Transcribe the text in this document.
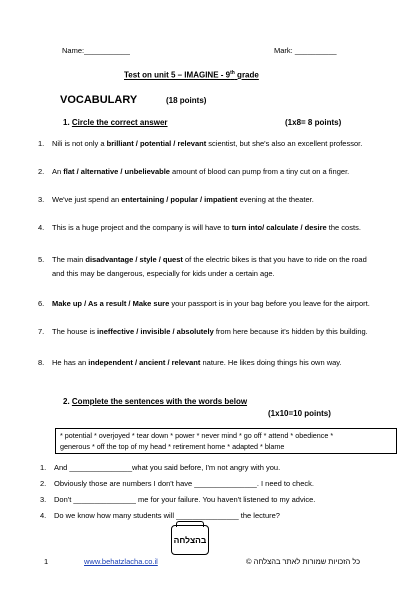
Name:___________	Mark: __________
Test on unit 5 – IMAGINE - 9th grade
VOCABULARY	(18 points)
1. Circle the correct answer	(1x8= 8 points)
1. Nili is not only a brilliant / potential / relevant scientist, but she's also an excellent professor.
2. An flat / alternative / unbelievable amount of blood can pump from a tiny cut on a finger.
3. We've just spend an entertaining / popular / impatient evening at the theater.
4. This is a huge project and the company is will have to turn into/ calculate / desire the costs.
5. The main disadvantage / style / quest of the electric bikes is that you have to ride on the road and this may be dangerous, especially for kids under a certain age.
6. Make up / As a result / Make sure your passport is in your bag before you leave for the airport.
7. The house is ineffective / invisible / absolutely from here because it's hidden by this building.
8. He has an independent / ancient / relevant nature. He likes doing things his own way.
2. Complete the sentences with the words below
(1x10=10 points)
* potential * overjoyed * tear down * power * never mind * go off * attend * obedience *
generous * off the top of my head * retirement home * adapted * blame
1. And _______________what you said before, I'm not angry with you.
2. Obviously those are numbers I don't have _______________. I need to check.
3. Don't _______________ me for your failure. You haven't listened to my advice.
4. Do we know how many students will _______________ the lecture?
בהצלחה
1	www.behatzlacha.co.il	כל הזכויות שמורות לאתר בהצלחה ©
